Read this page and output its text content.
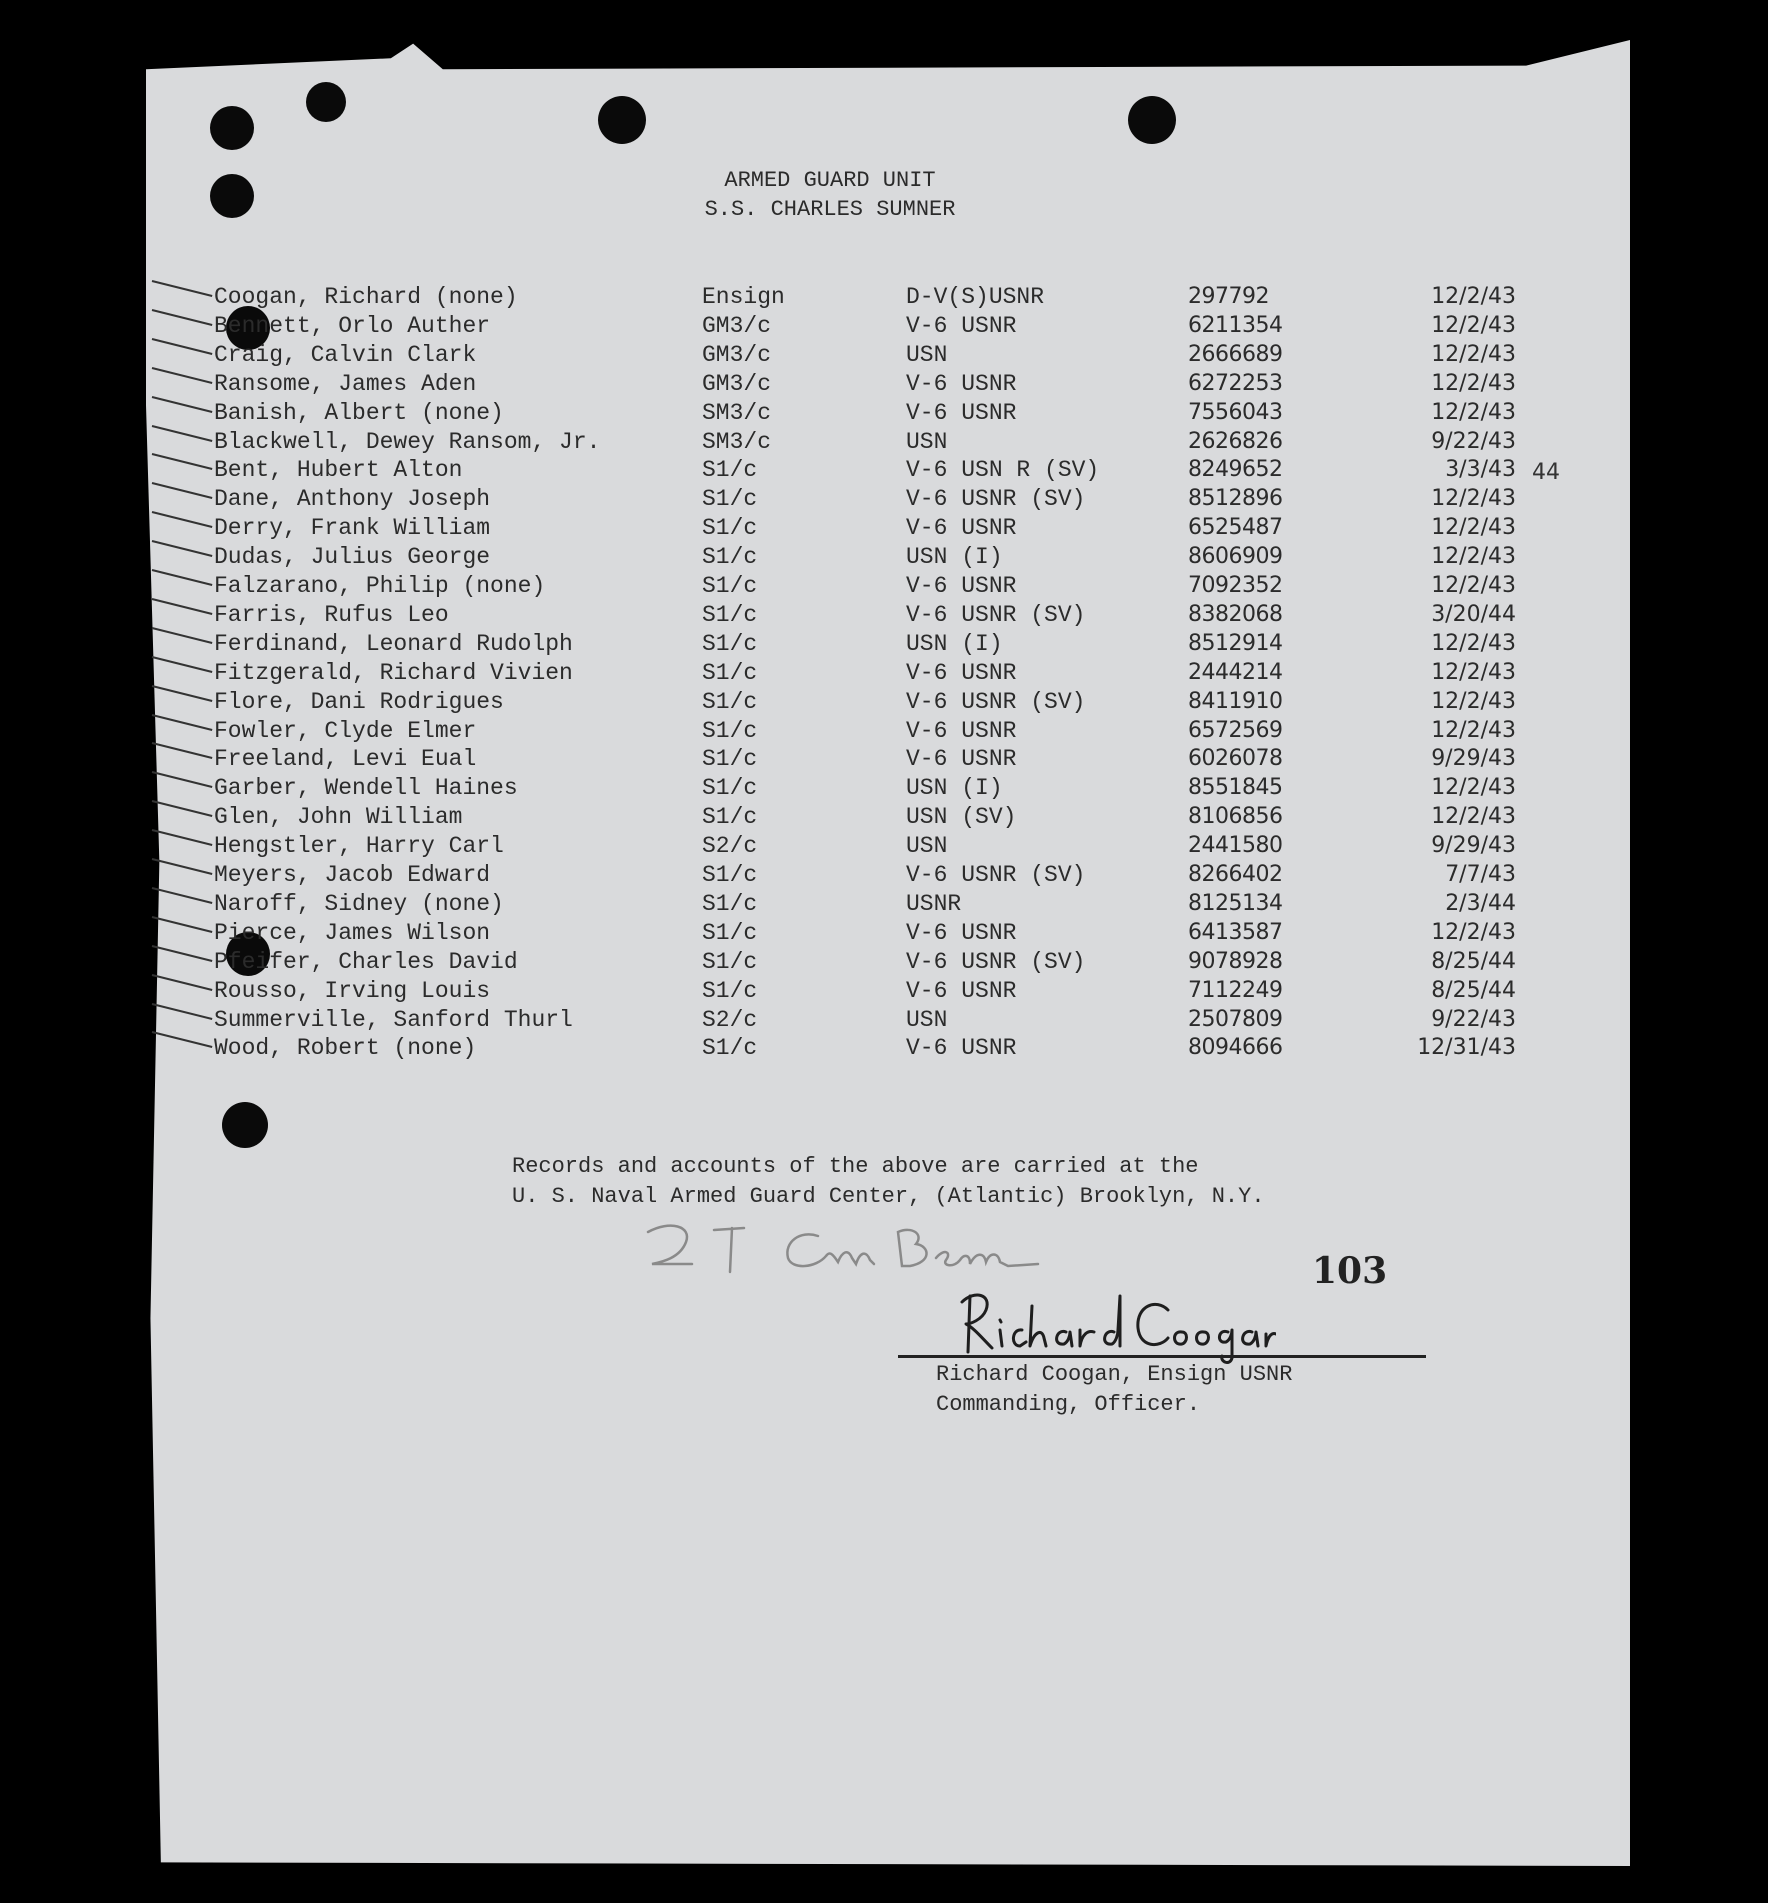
ARMED GUARD UNIT
S.S. CHARLES SUMNER
Coogan, Richard (none)	Ensign	D-V(S)USNR	297792	12/2/43
Bennett, Orlo Auther	GM3/c	V-6 USNR	6211354	12/2/43
Craig, Calvin Clark	GM3/c	USN	2666689	12/2/43
Ransome, James Aden	GM3/c	V-6 USNR	6272253	12/2/43
Banish, Albert (none)	SM3/c	V-6 USNR	7556043	12/2/43
Blackwell, Dewey Ransom, Jr.	SM3/c	USN	2626826	9/22/43
Bent, Hubert Alton	S1/c	V-6 USN R (SV)	8249652	3/3/43
Dane, Anthony Joseph	S1/c	V-6 USNR (SV)	8512896	12/2/43
Derry, Frank William	S1/c	V-6 USNR	6525487	12/2/43
Dudas, Julius George	S1/c	USN (I)	8606909	12/2/43
Falzarano, Philip (none)	S1/c	V-6 USNR	7092352	12/2/43
Farris, Rufus Leo	S1/c	V-6 USNR (SV)	8382068	3/20/44
Ferdinand, Leonard Rudolph	S1/c	USN (I)	8512914	12/2/43
Fitzgerald, Richard Vivien	S1/c	V-6 USNR	2444214	12/2/43
Flore, Dani Rodrigues	S1/c	V-6 USNR (SV)	8411910	12/2/43
Fowler, Clyde Elmer	S1/c	V-6 USNR	6572569	12/2/43
Freeland, Levi Eual	S1/c	V-6 USNR	6026078	9/29/43
Garber, Wendell Haines	S1/c	USN (I)	8551845	12/2/43
Glen, John William	S1/c	USN (SV)	8106856	12/2/43
Hengstler, Harry Carl	S2/c	USN	2441580	9/29/43
Meyers, Jacob Edward	S1/c	V-6 USNR (SV)	8266402	7/7/43
Naroff, Sidney (none)	S1/c	USNR	8125134	2/3/44
Pierce, James Wilson	S1/c	V-6 USNR	6413587	12/2/43
Pfeifer, Charles David	S1/c	V-6 USNR (SV)	9078928	8/25/44
Rousso, Irving Louis	S1/c	V-6 USNR	7112249	8/25/44
Summerville, Sanford Thurl	S2/c	USN	2507809	9/22/43
Wood, Robert (none)	S1/c	V-6 USNR	8094666	12/31/43
44
Records and accounts of the above are carried at the
U. S. Naval Armed Guard Center, (Atlantic) Brooklyn, N.Y.
103
Richard Coogan, Ensign USNR
Commanding, Officer.
